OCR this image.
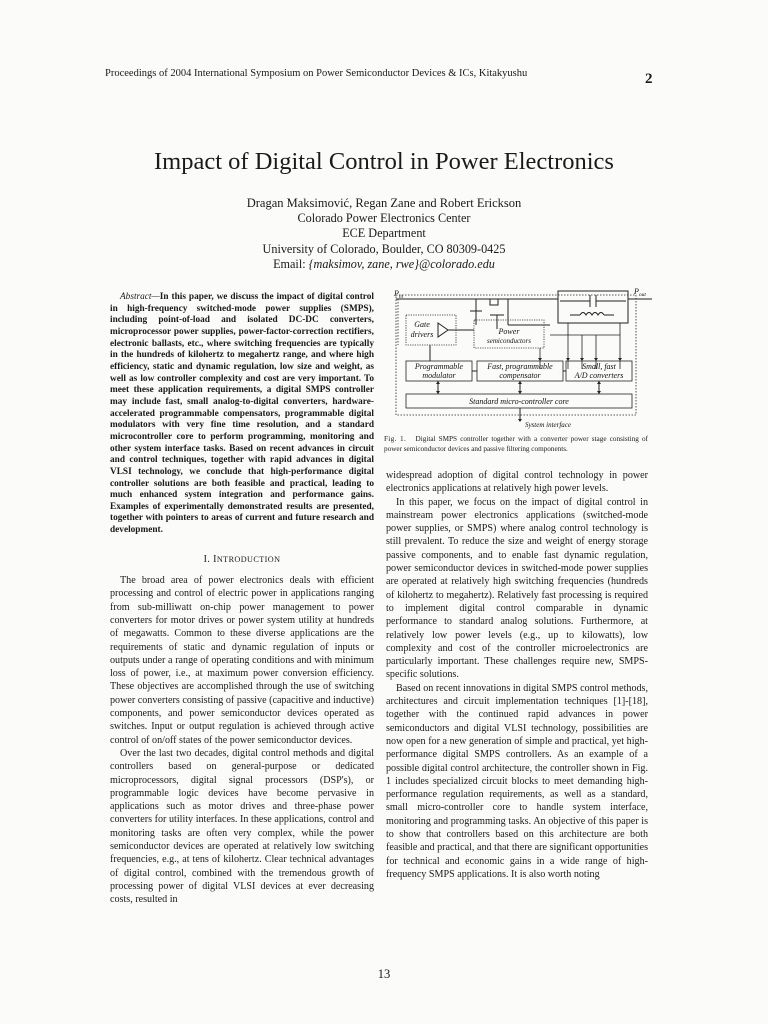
Proceedings of 2004 International Symposium on Power Semiconductor Devices & ICs, Kitakyushu	2
Impact of Digital Control in Power Electronics
Dragan Maksimović, Regan Zane and Robert Erickson
Colorado Power Electronics Center
ECE Department
University of Colorado, Boulder, CO 80309-0425
Email: {maksimov, zane, rwe}@colorado.edu

Abstract—In this paper, we discuss the impact of digital control in high-frequency switched-mode power supplies (SMPS), including point-of-load and isolated DC-DC converters, microprocessor power supplies, power-factor-correction rectifiers, electronic ballasts, etc., where switching frequencies are typically in the hundreds of kilohertz to megahertz range, and where high efficiency, static and dynamic regulation, low size and weight, as well as low controller complexity and cost are very important. To meet these application requirements, a digital SMPS controller may include fast, small analog-to-digital converters, hardware-accelerated programmable compensators, programmable digital modulators with very fine time resolution, and a standard microcontroller core to perform programming, monitoring and other system interface tasks. Based on recent advances in circuit and control techniques, together with rapid advances in digital VLSI technology, we conclude that high-performance digital controller solutions are both feasible and practical, leading to much enhanced system integration and performance gains. Examples of experimentally demonstrated results are presented, together with pointers to areas of current and future research and development.

I. INTRODUCTION

The broad area of power electronics deals with efficient processing and control of electric power in applications ranging from sub-milliwatt on-chip power management to power converters for motor drives or power system utility at hundreds of megawatts. Common to these diverse applications are the requirements of static and dynamic regulation of inputs or outputs under a range of operating conditions and with minimum loss of power, i.e., at maximum power conversion efficiency. These objectives are accomplished through the use of switching power converters consisting of passive (capacitive and inductive) components, and power semiconductor devices operated as switches. Input or output regulation is achieved through active control of on/off states of the power semiconductor devices.

Over the last two decades, digital control methods and digital controllers based on general-purpose or dedicated microprocessors, digital signal processors (DSP's), or programmable logic devices have become pervasive in applications such as motor drives and three-phase power converters for utility interfaces. In these applications, control and monitoring tasks are often very complex, while the power semiconductor devices are operated at relatively low switching frequencies, e.g., at tens of kilohertz. Clear technical advantages of digital control, combined with the tremendous growth of processing power of digital VLSI devices at ever decreasing costs, resulted in

$P_{in}$
$P_{out}$
Gate
drivers	Power
semiconductors
Programmable
modulator
Fast, programmable
compensator
Small, fast
A/D converters
Standard micro-controller core
System interface
Fig. 1. Digital SMPS controller together with a converter power stage consisting of power semiconductor devices and passive filtering components.

widespread adoption of digital control technology in power electronics applications at relatively high power levels.

In this paper, we focus on the impact of digital control in mainstream power electronics applications (switched-mode power supplies, or SMPS) where analog control technology is still prevalent. To reduce the size and weight of energy storage passive components, and to enable fast dynamic regulation, power semiconductor devices in switched-mode power supplies are operated at relatively high switching frequencies (hundreds of kilohertz to megahertz). Relatively fast processing is required to implement digital control comparable in dynamic performance to standard analog solutions. Furthermore, at relatively low power levels (e.g., up to kilowatts), low complexity and cost of the controller microelectronics are particularly important. These challenges require new, SMPS-specific solutions.

Based on recent innovations in digital SMPS control methods, architectures and circuit implementation techniques [1]-[18], together with the continued rapid advances in power semiconductors and digital VLSI technology, possibilities are now open for a new generation of simple and practical, yet high-performance digital SMPS controllers. As an example of a possible digital control architecture, the controller shown in Fig. 1 includes specialized circuit blocks to meet demanding high-performance regulation requirements, as well as a standard, small micro-controller core to handle system interface, monitoring and programming tasks. An objective of this paper is to show that controllers based on this architecture are both feasible and practical, and that there are significant opportunities for technical and economic gains in a wide range of high-frequency SMPS applications. It is also worth noting

13
